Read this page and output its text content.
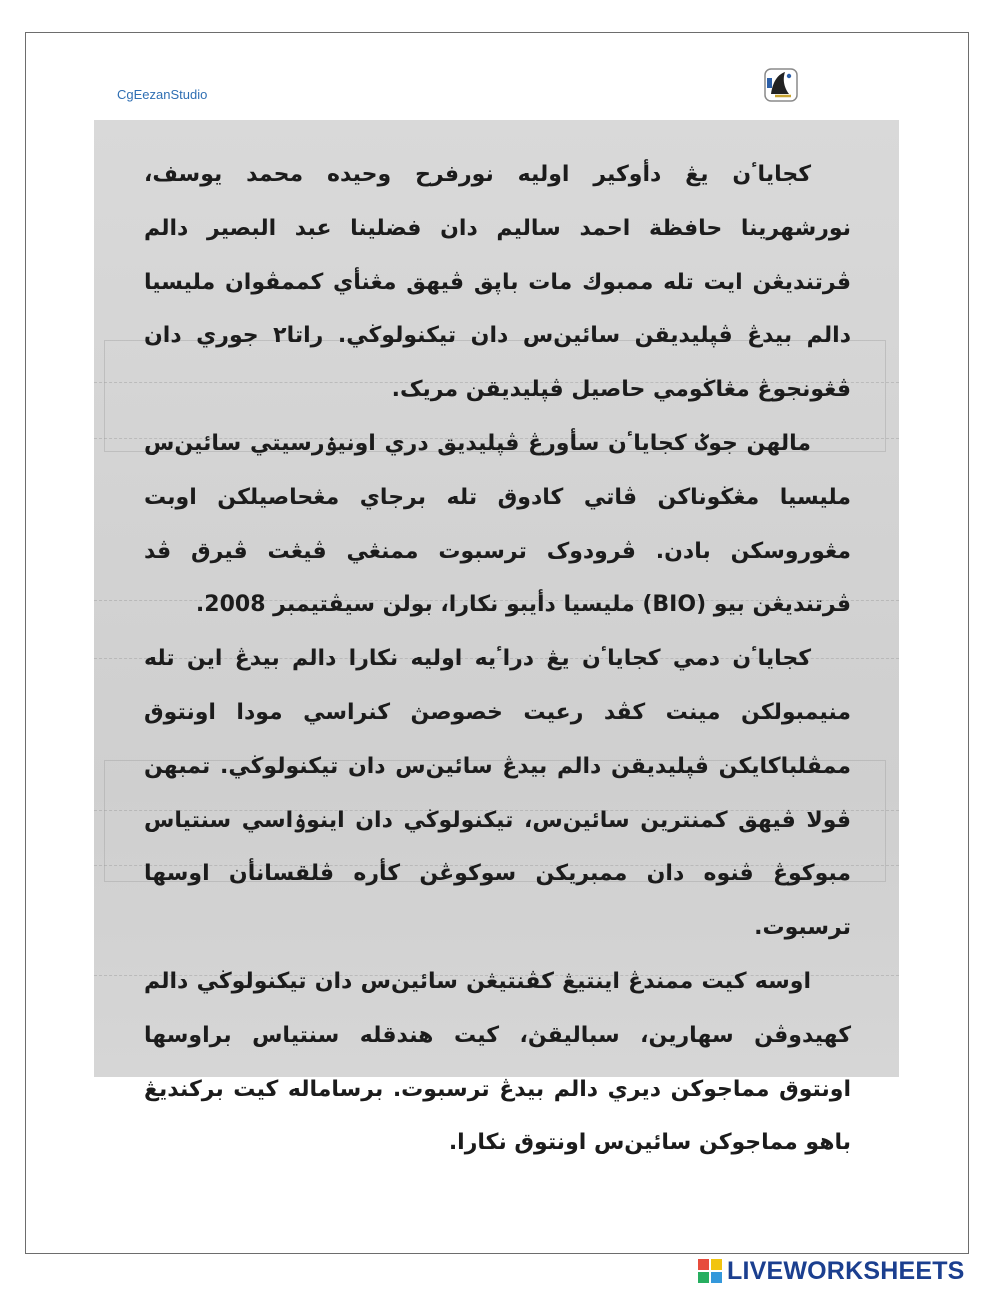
CgEezanStudio

كجاياٴن يڠ دأوكير اوليه نورفرح وحيده محمد يوسف، نورشهرينا حافظة احمد ساليم دان فضلينا عبد البصير دالم ڤرتنديڠن ايت تله ممبوك مات باڽق ڤيهق مڠنأي كممڤوان مليسيا دالم بيدڠ ڤڽليديقن سائين‌س دان تيكنولوڬي. راتا٢ جوري دان ڤڠونجوڠ مڠاڬومي حاصيل ڤڽليديقن مريک.

مالهن جوݢ كجاياٴن سأورڠ ڤڽليديق دري اونيۏرسيتي سائين‌س مليسيا مڠڬوناكن ڤاتي كادوق تله برجاي مڠحاصيلكن اوبت مڠوروسكن بادن. ڤرودوک ترسبوت ممنڠي ڤيڠت ڤيرق ڤد ڤرتنديڠن بيو (BIO) مليسيا دأيبو نكارا، بولن سيڤتيمبر 2008.

كجاياٴن دمي كجاياٴن يڠ دراٴيه اوليه نكارا دالم بيدڠ اين تله منيمبولكن مينت كڤد رعيت خصوصڽ كنراسي مودا اونتوق ممڤلباكايكن ڤڽليديقن دالم بيدڠ سائين‌س دان تيكنولوڬي. تمبهن ڤولا ڤيهق كمنترين سائين‌س، تيكنولوڬي دان اينوۏاسي سنتياس مبوكوڠ ڤنوه دان ممبريكن سوكوڠن كأره ڤلقسانأن اوسها ترسبوت.

اوسه كيت ممندڠ اينتيڠ كڤنتيڠن سائين‌س دان تيكنولوڬي دالم كهيدوڤن سهارين، سباليقڽ، كيت هندقله سنتياس براوسها اونتوق مماجوكن ديري دالم بيدڠ ترسبوت. برساماله كيت بركنديڠ باهو مماجوكن سائين‌س اونتوق نكارا.

LIVEWORKSHEETS
